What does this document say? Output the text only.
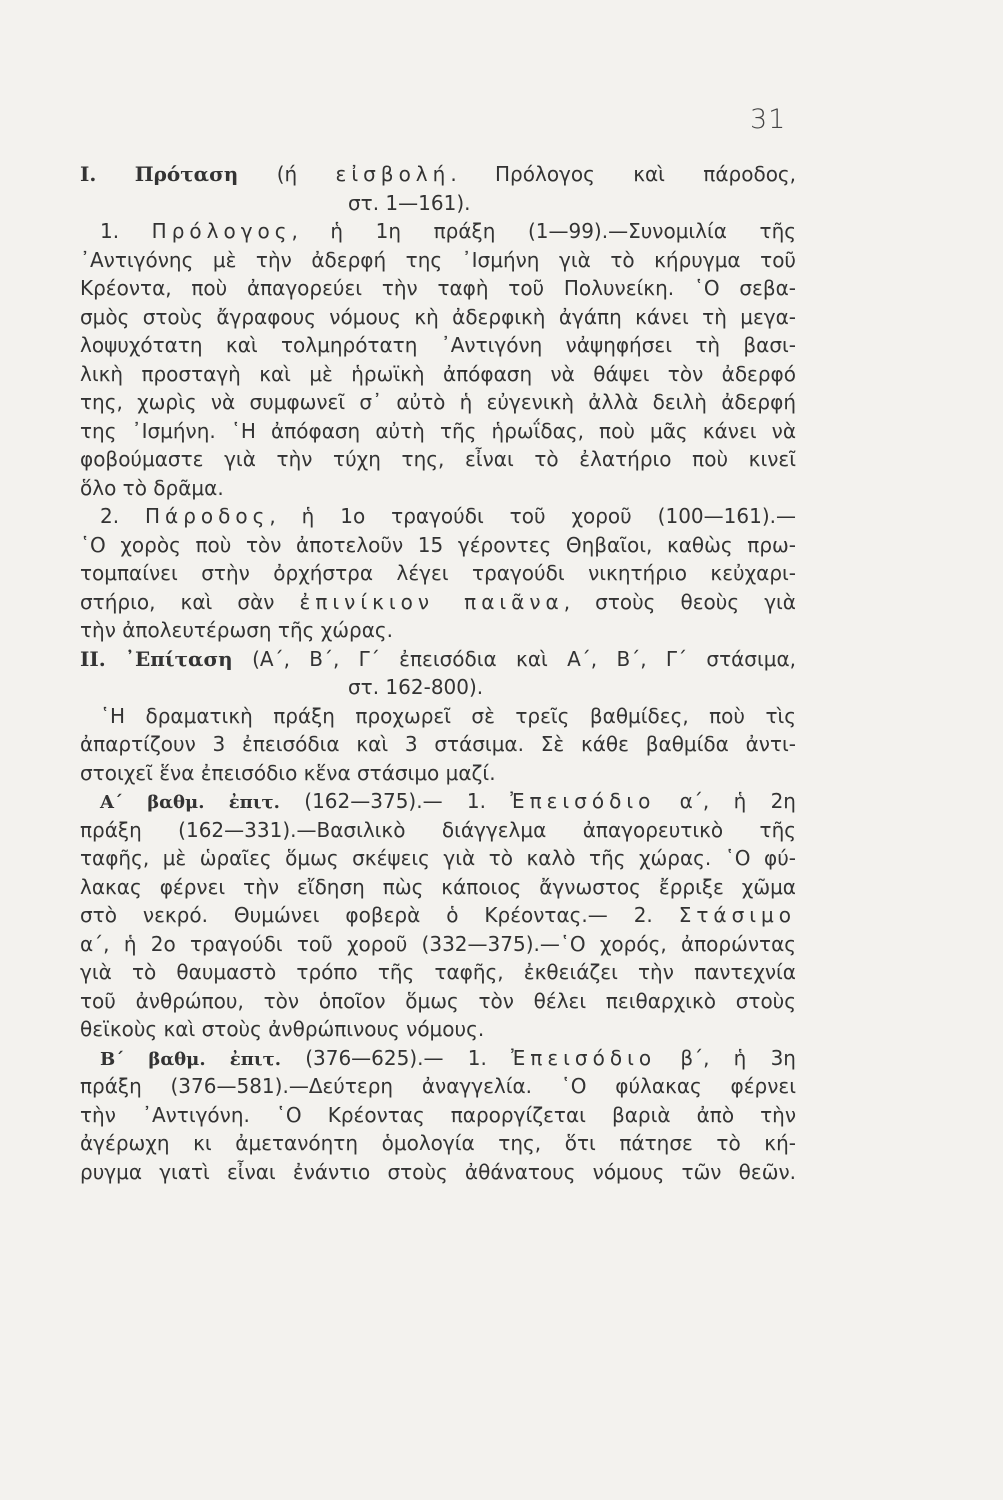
31
I. Πρόταση (ή εἰσβολή. Πρόλογος καὶ πάροδος,
στ. 1—161).
1. Πρόλογος, ἡ 1η πράξη (1—99).—Συνομιλία τῆς
᾿Αντιγόνης μὲ τὴν ἀδερφή της ᾿Ισμήνη γιὰ τὸ κήρυγμα τοῦ
Κρέοντα, ποὺ ἀπαγορεύει τὴν ταφὴ τοῦ Πολυνείκη. ῾Ο σεβα-
σμὸς στοὺς ἄγραφους νόμους κὴ ἀδερφικὴ ἀγάπη κάνει τὴ μεγα-
λοψυχότατη καὶ τολμηρότατη ᾿Αντιγόνη νἀψηφήσει τὴ βασι-
λικὴ προσταγὴ καὶ μὲ ἡρωϊκὴ ἀπόφαση νὰ θάψει τὸν ἀδερφό
της, χωρὶς νὰ συμφωνεῖ σ᾿ αὐτὸ ἡ εὐγενικὴ ἀλλὰ δειλὴ ἀδερφή
της ᾿Ισμήνη. ῾Η ἀπόφαση αὐτὴ τῆς ἡρωΐδας, ποὺ μᾶς κάνει νὰ
φοβούμαστε γιὰ τὴν τύχη της, εἶναι τὸ ἐλατήριο ποὺ κινεῖ
ὅλο τὸ δρᾶμα.
2. Πάροδος, ἡ 1ο τραγούδι τοῦ χοροῦ (100—161).—
῾Ο χορὸς ποὺ τὸν ἀποτελοῦν 15 γέροντες Θηβαῖοι, καθὼς πρω-
τομπαίνει στὴν ὀρχήστρα λέγει τραγούδι νικητήριο κεὐχαρι-
στήριο, καὶ σὰν ἐπινίκιον παιᾶνα, στοὺς θεοὺς γιὰ
τὴν ἀπολευτέρωση τῆς χώρας.
II. ᾿Επίταση (Α΄, Β΄, Γ΄ ἐπεισόδια καὶ Α΄, Β΄, Γ΄ στάσιμα,
στ. 162-800).
῾Η δραματικὴ πράξη προχωρεῖ σὲ τρεῖς βαθμίδες, ποὺ τὶς
ἀπαρτίζουν 3 ἐπεισόδια καὶ 3 στάσιμα. Σὲ κάθε βαθμίδα ἀντι-
στοιχεῖ ἕνα ἐπεισόδιο κἕνα στάσιμο μαζί.
Α΄ βαθμ. ἐπιτ. (162—375).— 1. Ἐπεισόδιο α΄, ἡ 2η
πράξη (162—331).—Βασιλικὸ διάγγελμα ἀπαγορευτικὸ τῆς
ταφῆς, μὲ ὡραῖες ὅμως σκέψεις γιὰ τὸ καλὸ τῆς χώρας. ῾Ο φύ-
λακας φέρνει τὴν εἴδηση πὼς κάποιος ἄγνωστος ἔρριξε χῶμα
στὸ νεκρό. Θυμώνει φοβερὰ ὁ Κρέοντας.— 2. Στάσιμο
α΄, ἡ 2ο τραγούδι τοῦ χοροῦ (332—375).—῾Ο χορός, ἀπορώντας
γιὰ τὸ θαυμαστὸ τρόπο τῆς ταφῆς, ἐκθειάζει τὴν παντεχνία
τοῦ ἀνθρώπου, τὸν ὁποῖον ὅμως τὸν θέλει πειθαρχικὸ στοὺς
θεϊκοὺς καὶ στοὺς ἀνθρώπινους νόμους.
Β΄ βαθμ. ἐπιτ. (376—625).— 1. Ἐπεισόδιο β΄, ἡ 3η
πράξη (376—581).—Δεύτερη ἀναγγελία. ῾Ο φύλακας φέρνει
τὴν ᾿Αντιγόνη. ῾Ο Κρέοντας παροργίζεται βαριὰ ἀπὸ τὴν
ἀγέρωχη κι ἀμετανόητη ὁμολογία της, ὅτι πάτησε τὸ κή-
ρυγμα γιατὶ εἶναι ἐνάντιο στοὺς ἀθάνατους νόμους τῶν θεῶν.
